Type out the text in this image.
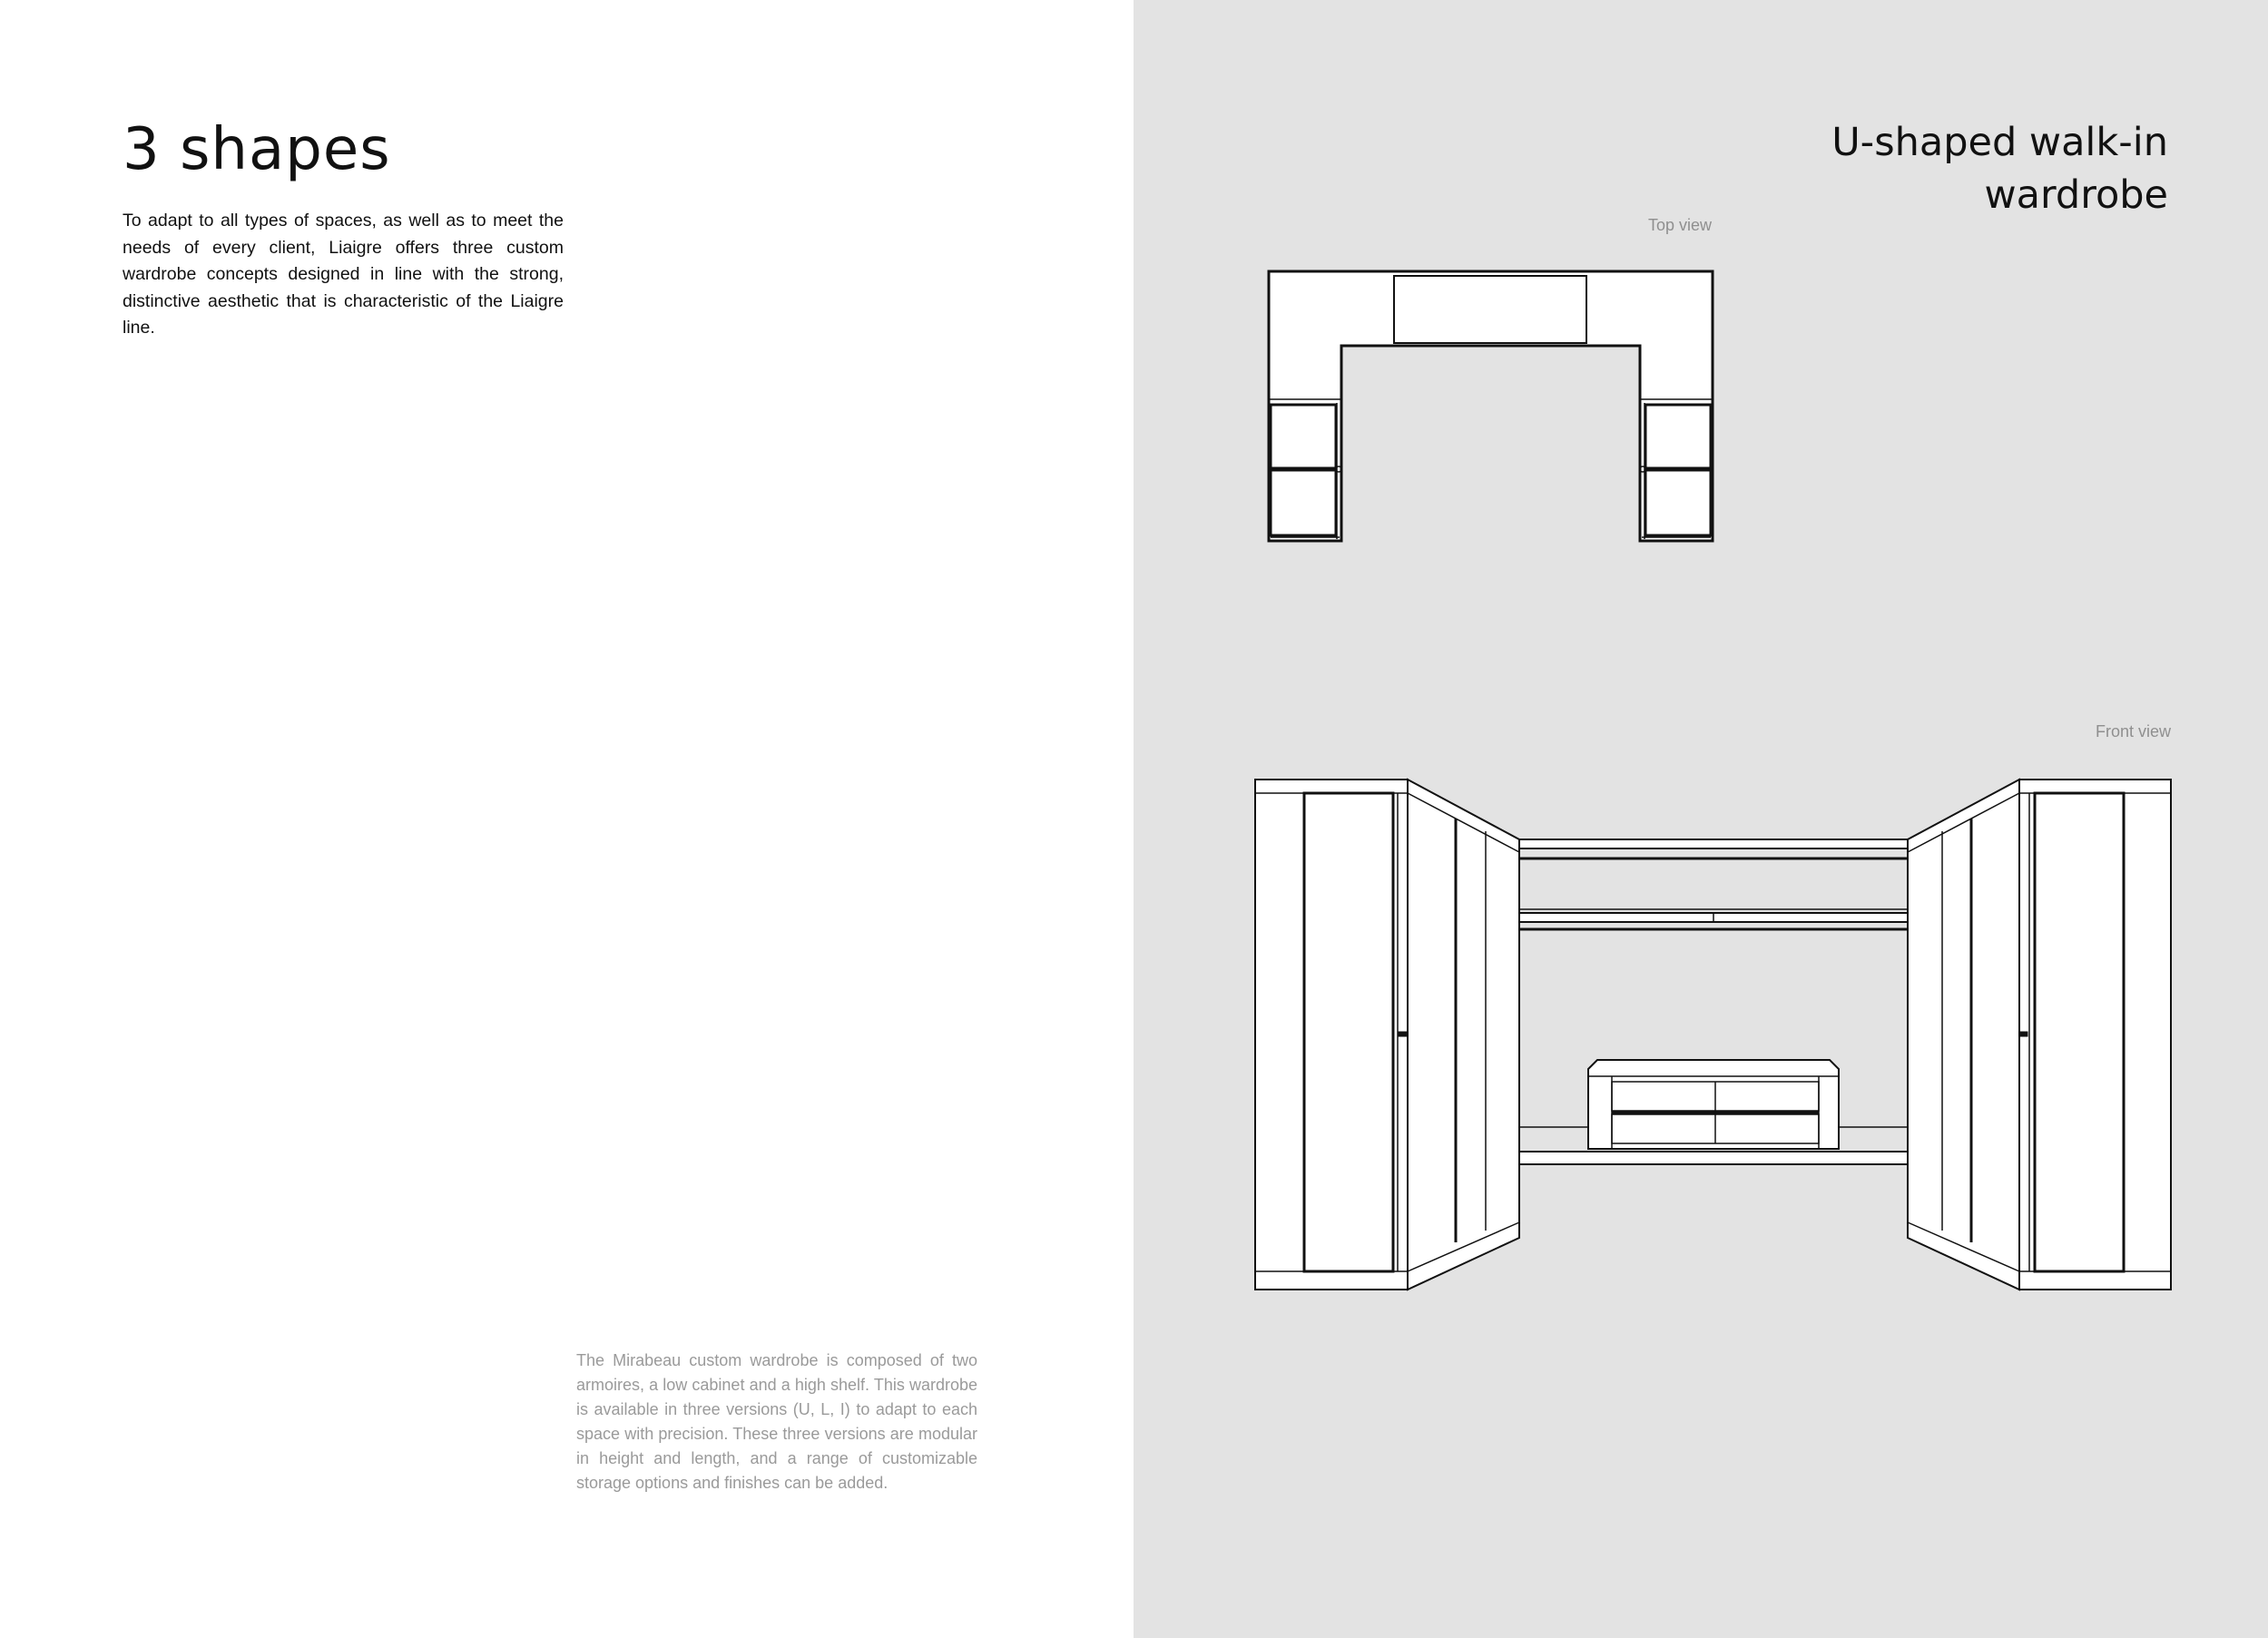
3 shapes

To adapt to all types of spaces, as well as to meet the needs of every client, Liaigre offers three custom wardrobe concepts designed in line with the strong, distinctive aesthetic that is characteristic of the Liaigre line.

The Mirabeau custom wardrobe is composed of two armoires, a low cabinet and a high shelf. This wardrobe is available in three versions (U, L, I) to adapt to each space with precision. These three versions are modular in height and length, and a range of customizable storage options and finishes can be added.

U-shaped walk-in wardrobe

Top view

Front view
